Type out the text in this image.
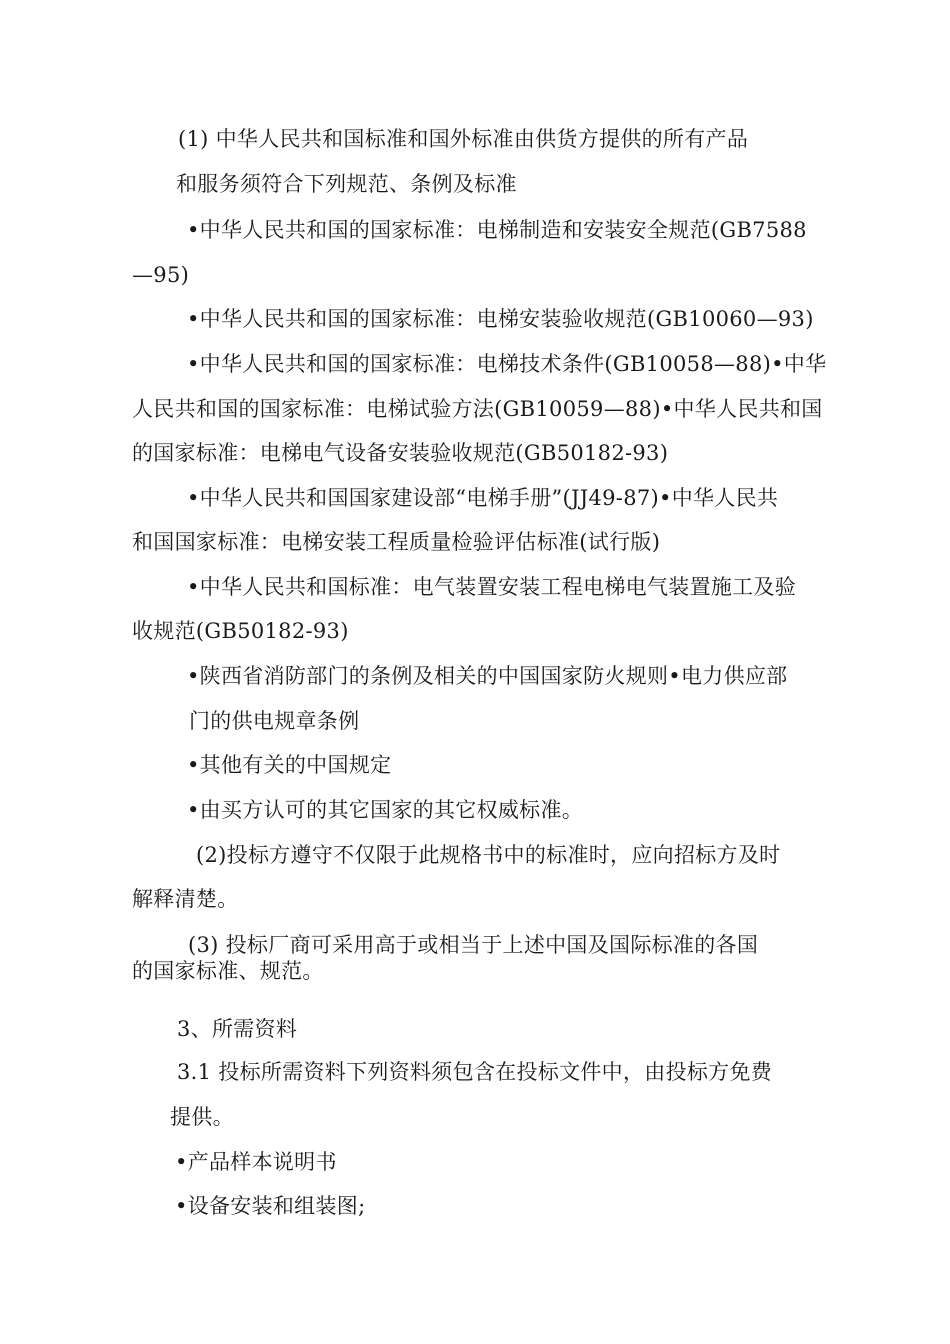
(1) 中华人民共和国标准和国外标准由供货方提供的所有产品
和服务须符合下列规范、条例及标准
•中华人民共和国的国家标准：电梯制造和安装安全规范(GB7588
—95)
•中华人民共和国的国家标准：电梯安装验收规范(GB10060—93)
•中华人民共和国的国家标准：电梯技术条件(GB10058—88)•中华
人民共和国的国家标准：电梯试验方法(GB10059—88)•中华人民共和国
的国家标准：电梯电气设备安装验收规范(GB50182-93)
•中华人民共和国国家建设部“电梯手册”(JJ49-87)•中华人民共
和国国家标准：电梯安装工程质量检验评估标准(试行版)
•中华人民共和国标准：电气装置安装工程电梯电气装置施工及验
收规范(GB50182-93)
•陕西省消防部门的条例及相关的中国国家防火规则•电力供应部
门的供电规章条例
•其他有关的中国规定
•由买方认可的其它国家的其它权威标准。
(2)投标方遵守不仅限于此规格书中的标准时，应向招标方及时
解释清楚。
(3) 投标厂商可采用高于或相当于上述中国及国际标准的各国
的国家标准、规范。
3、所需资料
3.1 投标所需资料下列资料须包含在投标文件中，由投标方免费
提供。
•产品样本说明书
•设备安装和组装图;
